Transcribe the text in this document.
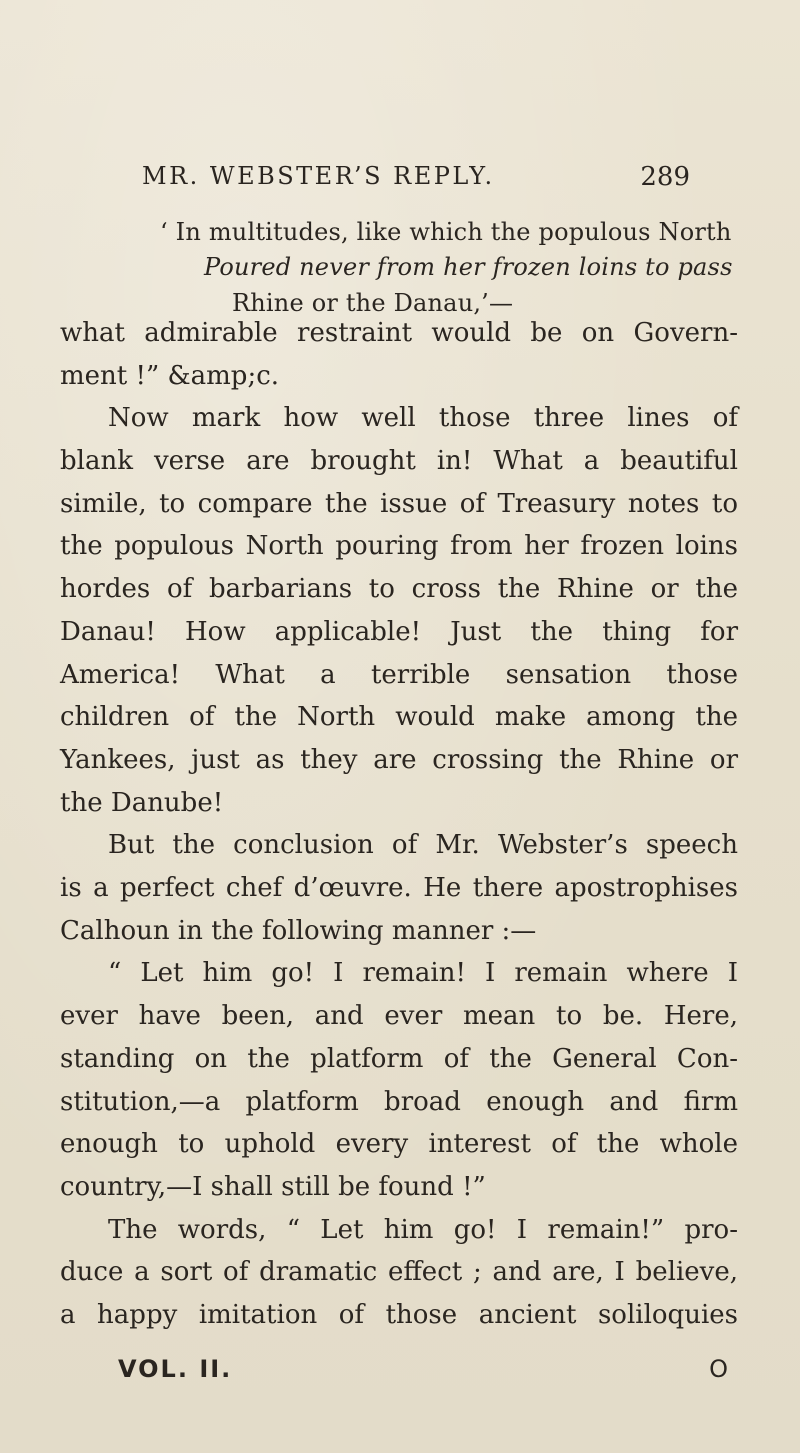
MR. WEBSTER’S REPLY.	289
‘ In multitudes, like which the populous North
Poured never from her frozen loins to pass
Rhine or the Danau,’—
what admirable restraint would be on Govern-
ment !” &amp;c.
Now mark how well those three lines of
blank verse are brought in! What a beautiful
simile, to compare the issue of Treasury notes to
the populous North pouring from her frozen loins
hordes of barbarians to cross the Rhine or the
Danau! How applicable! Just the thing for
America! What a terrible sensation those
children of the North would make among the
Yankees, just as they are crossing the Rhine or
the Danube!
But the conclusion of Mr. Webster’s speech
is a perfect chef d’œuvre. He there apostrophises
Calhoun in the following manner :—
“ Let him go! I remain! I remain where I
ever have been, and ever mean to be. Here,
standing on the platform of the General Con-
stitution,—a platform broad enough and firm
enough to uphold every interest of the whole
country,—I shall still be found !”
The words, “ Let him go! I remain!” pro-
duce a sort of dramatic effect ; and are, I believe,
a happy imitation of those ancient soliloquies
VOL. II.	O
